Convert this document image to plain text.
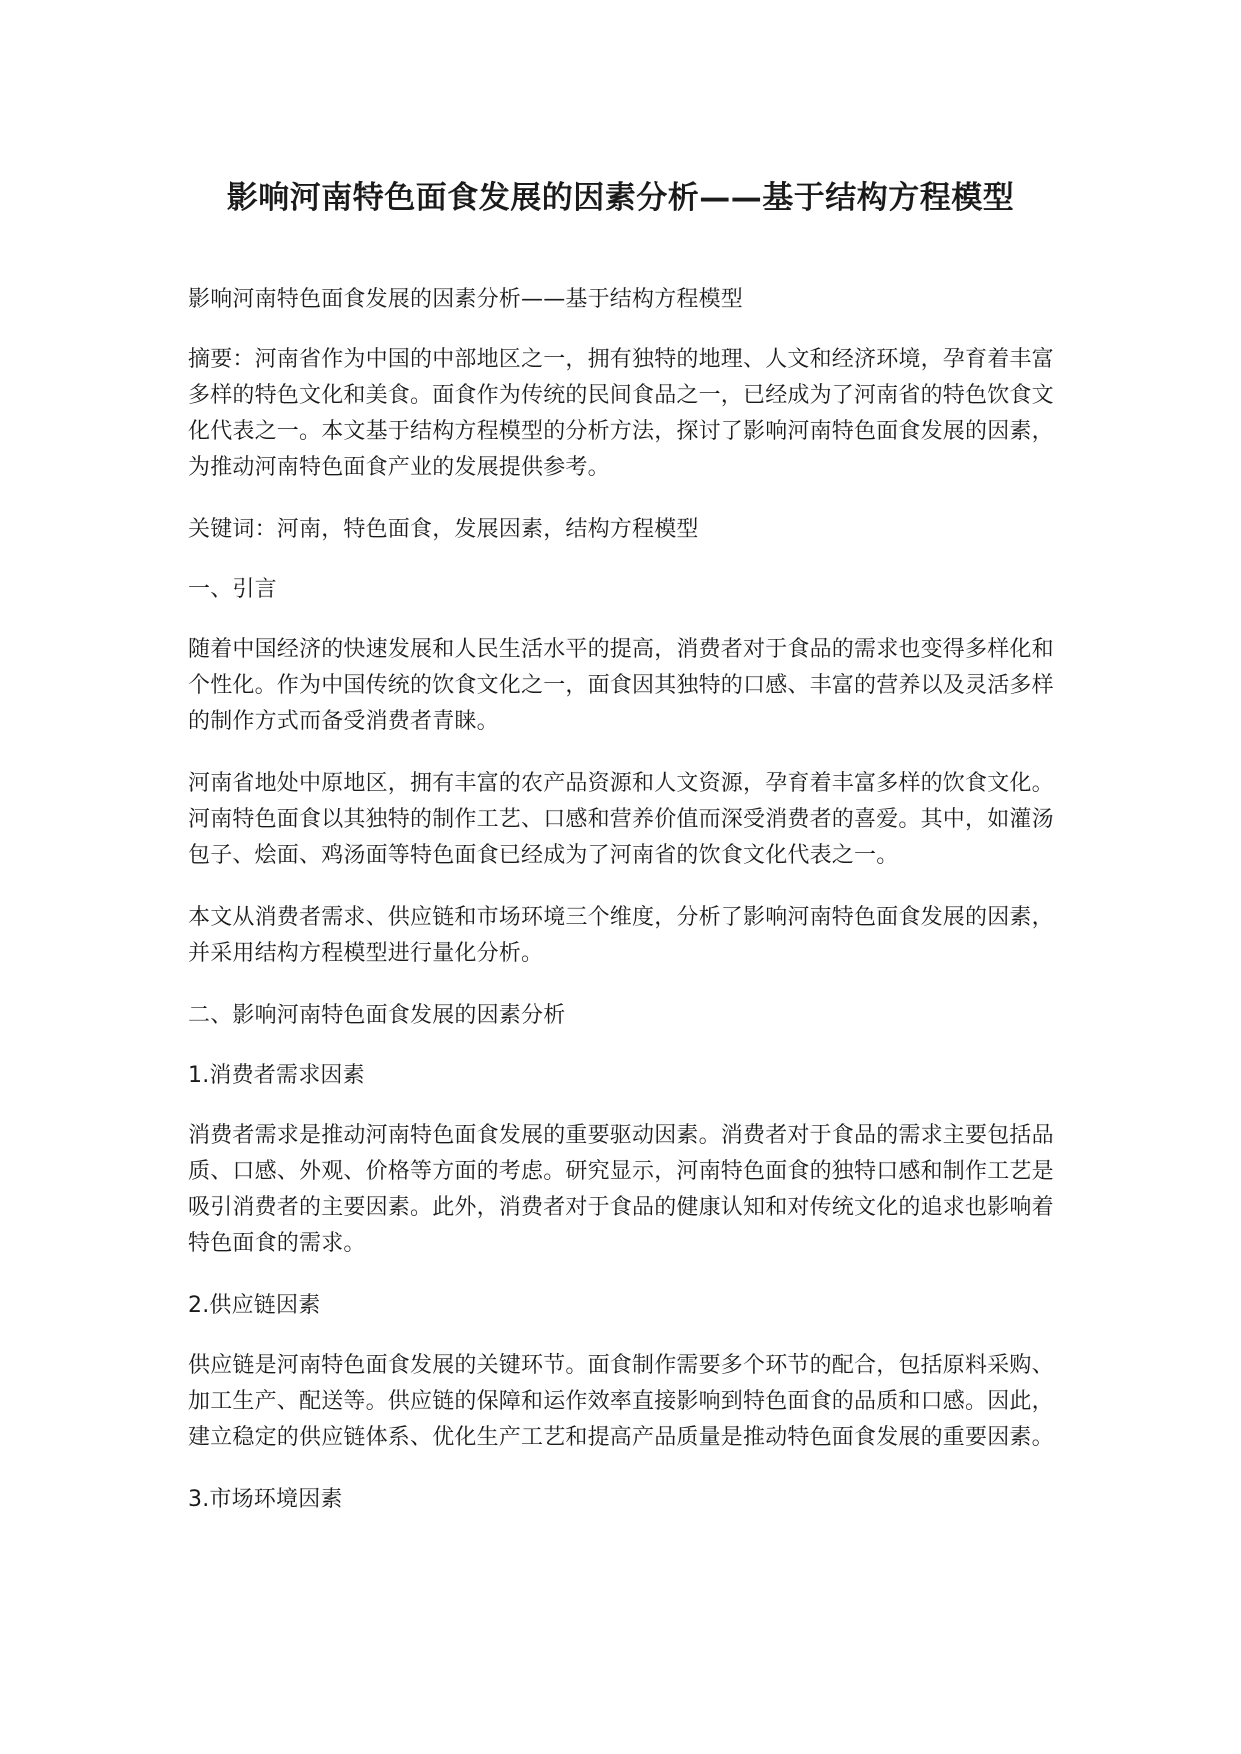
影响河南特色面食发展的因素分析——基于结构方程模型

影响河南特色面食发展的因素分析——基于结构方程模型

摘要：河南省作为中国的中部地区之一，拥有独特的地理、人文和经济环境，孕育着丰富多样的特色文化和美食。面食作为传统的民间食品之一，已经成为了河南省的特色饮食文化代表之一。本文基于结构方程模型的分析方法，探讨了影响河南特色面食发展的因素，为推动河南特色面食产业的发展提供参考。

关键词：河南，特色面食，发展因素，结构方程模型

一、引言

随着中国经济的快速发展和人民生活水平的提高，消费者对于食品的需求也变得多样化和个性化。作为中国传统的饮食文化之一，面食因其独特的口感、丰富的营养以及灵活多样的制作方式而备受消费者青睐。

河南省地处中原地区，拥有丰富的农产品资源和人文资源，孕育着丰富多样的饮食文化。河南特色面食以其独特的制作工艺、口感和营养价值而深受消费者的喜爱。其中，如灌汤包子、烩面、鸡汤面等特色面食已经成为了河南省的饮食文化代表之一。

本文从消费者需求、供应链和市场环境三个维度，分析了影响河南特色面食发展的因素，并采用结构方程模型进行量化分析。

二、影响河南特色面食发展的因素分析

1.消费者需求因素

消费者需求是推动河南特色面食发展的重要驱动因素。消费者对于食品的需求主要包括品质、口感、外观、价格等方面的考虑。研究显示，河南特色面食的独特口感和制作工艺是吸引消费者的主要因素。此外，消费者对于食品的健康认知和对传统文化的追求也影响着特色面食的需求。

2.供应链因素

供应链是河南特色面食发展的关键环节。面食制作需要多个环节的配合，包括原料采购、加工生产、配送等。供应链的保障和运作效率直接影响到特色面食的品质和口感。因此，建立稳定的供应链体系、优化生产工艺和提高产品质量是推动特色面食发展的重要因素。

3.市场环境因素
